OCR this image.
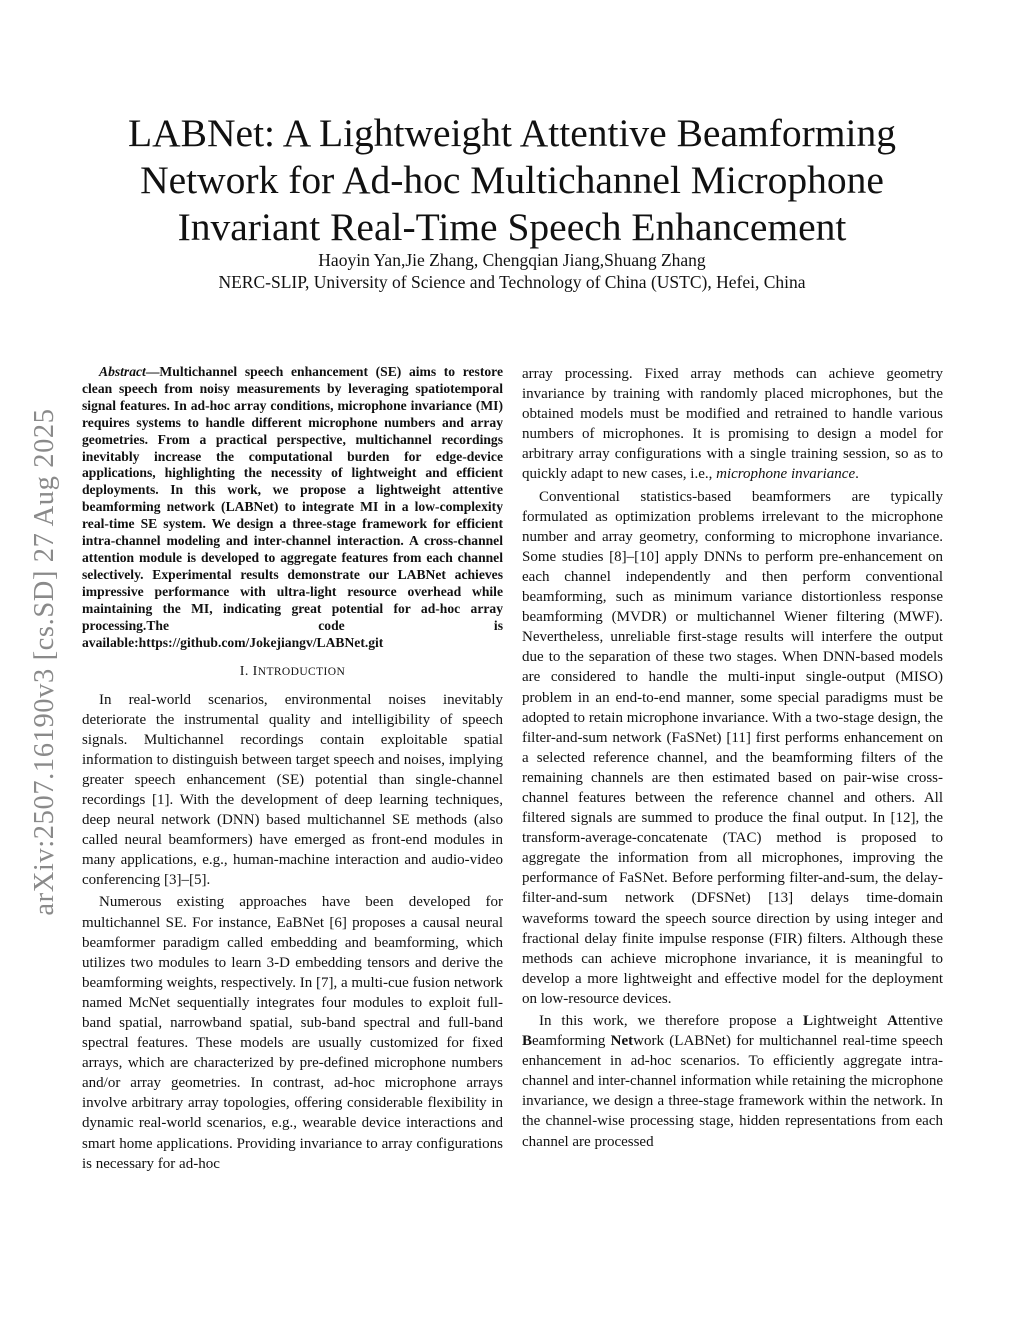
LABNet: A Lightweight Attentive Beamforming Network for Ad-hoc Multichannel Microphone Invariant Real-Time Speech Enhancement
Haoyin Yan,Jie Zhang, Chengqian Jiang,Shuang Zhang
NERC-SLIP, University of Science and Technology of China (USTC), Hefei, China
arXiv:2507.16190v3 [cs.SD] 27 Aug 2025

Abstract—Multichannel speech enhancement (SE) aims to restore clean speech from noisy measurements by leveraging spatiotemporal signal features. In ad-hoc array conditions, microphone invariance (MI) requires systems to handle different microphone numbers and array geometries. From a practical perspective, multichannel recordings inevitably increase the computational burden for edge-device applications, highlighting the necessity of lightweight and efficient deployments. In this work, we propose a lightweight attentive beamforming network (LABNet) to integrate MI in a low-complexity real-time SE system. We design a three-stage framework for efficient intra-channel modeling and inter-channel interaction. A cross-channel attention module is developed to aggregate features from each channel selectively. Experimental results demonstrate our LABNet achieves impressive performance with ultra-light resource overhead while maintaining the MI, indicating great potential for ad-hoc array processing.The code is available:https://github.com/Jokejiangv/LABNet.git

I. INTRODUCTION

In real-world scenarios, environmental noises inevitably deteriorate the instrumental quality and intelligibility of speech signals. Multichannel recordings contain exploitable spatial information to distinguish between target speech and noises, implying greater speech enhancement (SE) potential than single-channel recordings [1]. With the development of deep learning techniques, deep neural network (DNN) based multichannel SE methods (also called neural beamformers) have emerged as front-end modules in many applications, e.g., human-machine interaction and audio-video conferencing [3]–[5].

Numerous existing approaches have been developed for multichannel SE. For instance, EaBNet [6] proposes a causal neural beamformer paradigm called embedding and beamforming, which utilizes two modules to learn 3-D embedding tensors and derive the beamforming weights, respectively. In [7], a multi-cue fusion network named McNet sequentially integrates four modules to exploit full-band spatial, narrowband spatial, sub-band spectral and full-band spectral features. These models are usually customized for fixed arrays, which are characterized by pre-defined microphone numbers and/or array geometries. In contrast, ad-hoc microphone arrays involve arbitrary array topologies, offering considerable flexibility in dynamic real-world scenarios, e.g., wearable device interactions and smart home applications. Providing invariance to array configurations is necessary for ad-hoc

array processing. Fixed array methods can achieve geometry invariance by training with randomly placed microphones, but the obtained models must be modified and retrained to handle various numbers of microphones. It is promising to design a model for arbitrary array configurations with a single training session, so as to quickly adapt to new cases, i.e., microphone invariance.

Conventional statistics-based beamformers are typically formulated as optimization problems irrelevant to the microphone number and array geometry, conforming to microphone invariance. Some studies [8]–[10] apply DNNs to perform pre-enhancement on each channel independently and then perform conventional beamforming, such as minimum variance distortionless response beamforming (MVDR) or multichannel Wiener filtering (MWF). Nevertheless, unreliable first-stage results will interfere the output due to the separation of these two stages. When DNN-based models are considered to handle the multi-input single-output (MISO) problem in an end-to-end manner, some special paradigms must be adopted to retain microphone invariance. With a two-stage design, the filter-and-sum network (FaSNet) [11] first performs enhancement on a selected reference channel, and the beamforming filters of the remaining channels are then estimated based on pair-wise cross-channel features between the reference channel and others. All filtered signals are summed to produce the final output. In [12], the transform-average-concatenate (TAC) method is proposed to aggregate the information from all microphones, improving the performance of FaSNet. Before performing filter-and-sum, the delay-filter-and-sum network (DFSNet) [13] delays time-domain waveforms toward the speech source direction by using integer and fractional delay finite impulse response (FIR) filters. Although these methods can achieve microphone invariance, it is meaningful to develop a more lightweight and effective model for the deployment on low-resource devices.

In this work, we therefore propose a Lightweight Attentive Beamforming Network (LABNet) for multichannel real-time speech enhancement in ad-hoc scenarios. To efficiently aggregate intra-channel and inter-channel information while retaining the microphone invariance, we design a three-stage framework within the network. In the channel-wise processing stage, hidden representations from each channel are processed
